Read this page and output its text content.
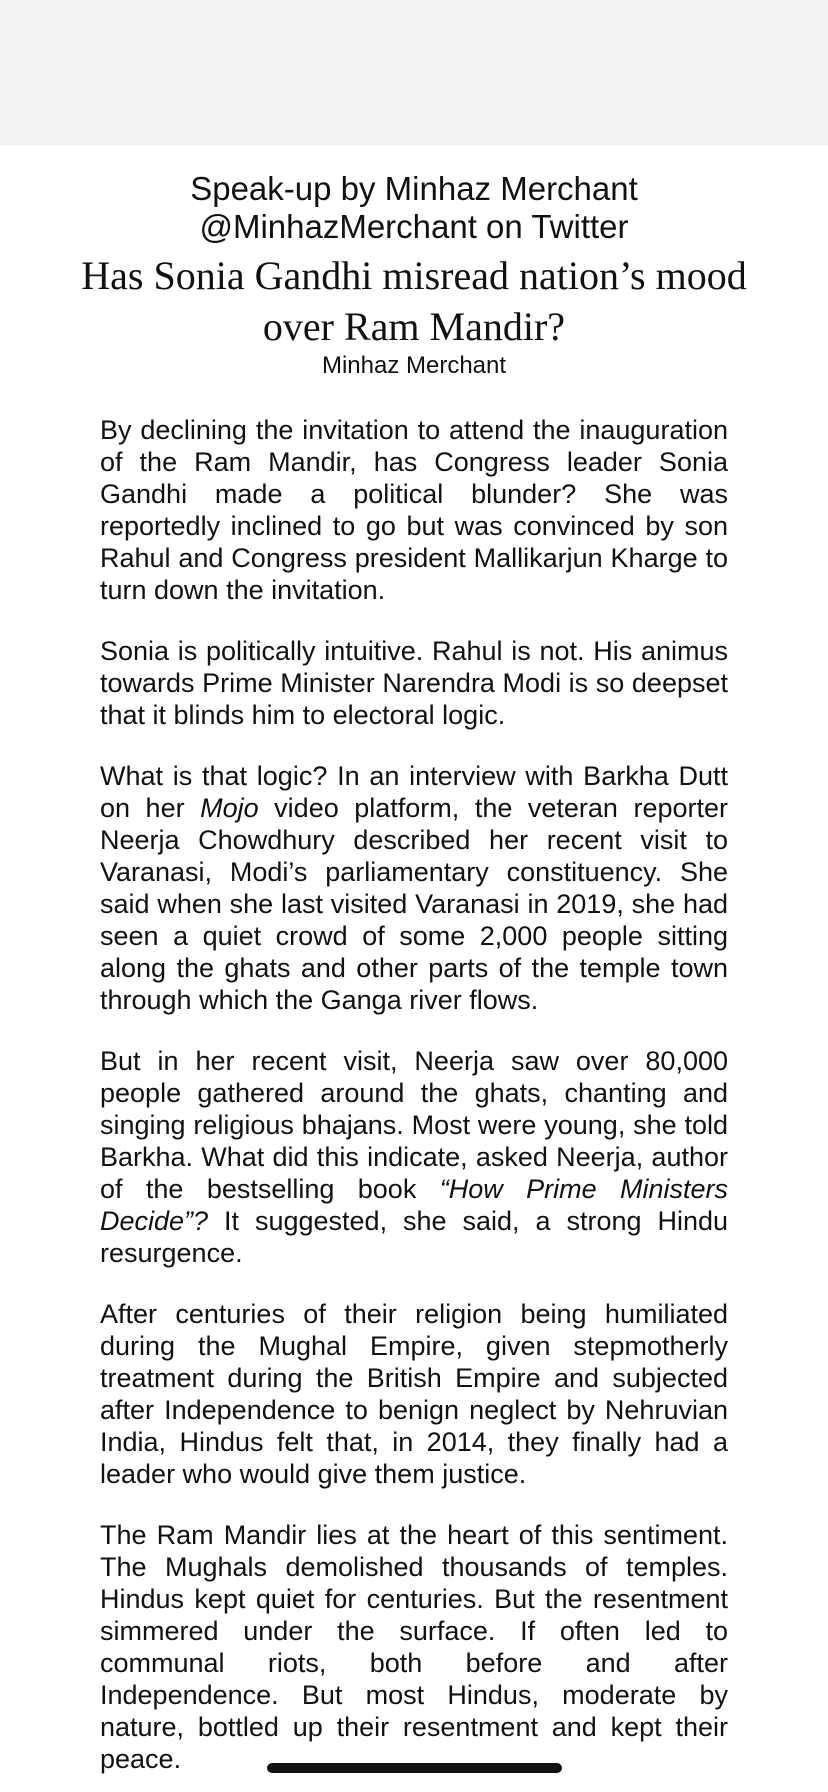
Speak-up by Minhaz Merchant

@MinhazMerchant on Twitter

Has Sonia Gandhi misread nation’s mood over Ram Mandir?

Minhaz Merchant

By declining the invitation to attend the inauguration of the Ram Mandir, has Congress leader Sonia Gandhi made a political blunder? She was reportedly inclined to go but was convinced by son Rahul and Congress president Mallikarjun Kharge to turn down the invitation.

Sonia is politically intuitive. Rahul is not. His animus towards Prime Minister Narendra Modi is so deepset that it blinds him to electoral logic.

What is that logic? In an interview with Barkha Dutt on her Mojo video platform, the veteran reporter Neerja Chowdhury described her recent visit to Varanasi, Modi’s parliamentary constituency. She said when she last visited Varanasi in 2019, she had seen a quiet crowd of some 2,000 people sitting along the ghats and other parts of the temple town through which the Ganga river flows.

But in her recent visit, Neerja saw over 80,000 people gathered around the ghats, chanting and singing religious bhajans. Most were young, she told Barkha. What did this indicate, asked Neerja, author of the bestselling book “How Prime Ministers Decide”? It suggested, she said, a strong Hindu resurgence.

After centuries of their religion being humiliated during the Mughal Empire, given stepmotherly treatment during the British Empire and subjected after Independence to benign neglect by Nehruvian India, Hindus felt that, in 2014, they finally had a leader who would give them justice.

The Ram Mandir lies at the heart of this sentiment. The Mughals demolished thousands of temples. Hindus kept quiet for centuries. But the resentment simmered under the surface. If often led to communal riots, both before and after Independence. But most Hindus, moderate by nature, bottled up their resentment and kept their peace.
